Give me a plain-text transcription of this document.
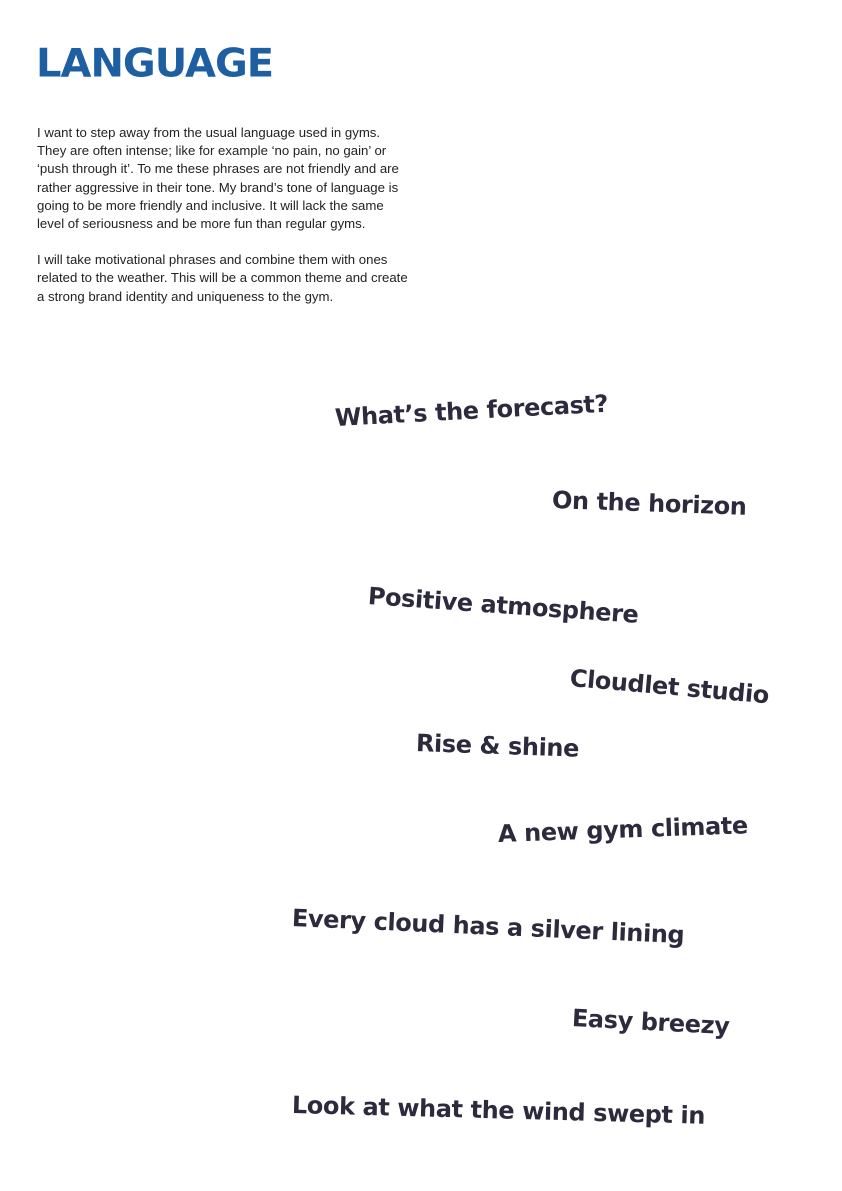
LANGUAGE

I want to step away from the usual language used in gyms. They are often intense; like for example ‘no pain, no gain’ or ‘push through it’. To me these phrases are not friendly and are rather aggressive in their tone. My brand’s tone of language is going to be more friendly and inclusive. It will lack the same level of seriousness and be more fun than regular gyms.

I will take motivational phrases and combine them with ones related to the weather. This will be a common theme and create a strong brand identity and uniqueness to the gym.

What’s the forecast?
On the horizon
Positive atmosphere
Cloudlet studio
Rise & shine
A new gym climate
Every cloud has a silver lining
Easy breezy
Look at what the wind swept in
